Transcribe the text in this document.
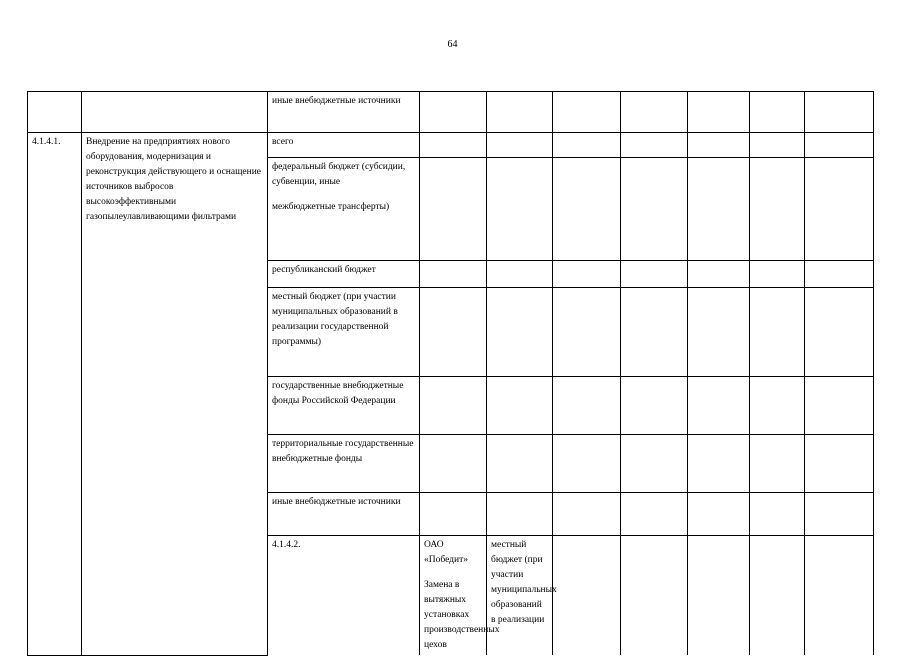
64
		иные внебюджетные источники								
4.1.4.1.	Внедрение на предприятиях нового оборудования, модернизация и реконструкция действующего и оснащение источников выбросов высокоэффективными газопылеулавливающими фильтрами	всего								
		федеральный бюджет (субсидии, субвенции, иные
межбюджетные трансферты)								
		республиканский бюджет								
		местный бюджет (при участии муниципальных образований в реализации государственной программы)								
		государственные внебюджетные фонды Российской Федерации								
		территориальные государственные внебюджетные фонды								
		иные внебюджетные источники								
		4.1.4.2.	ОАО «Победит»
Замена в вытяжных установках производственных цехов	местный бюджет (при участии муниципальных образований в реализации							
